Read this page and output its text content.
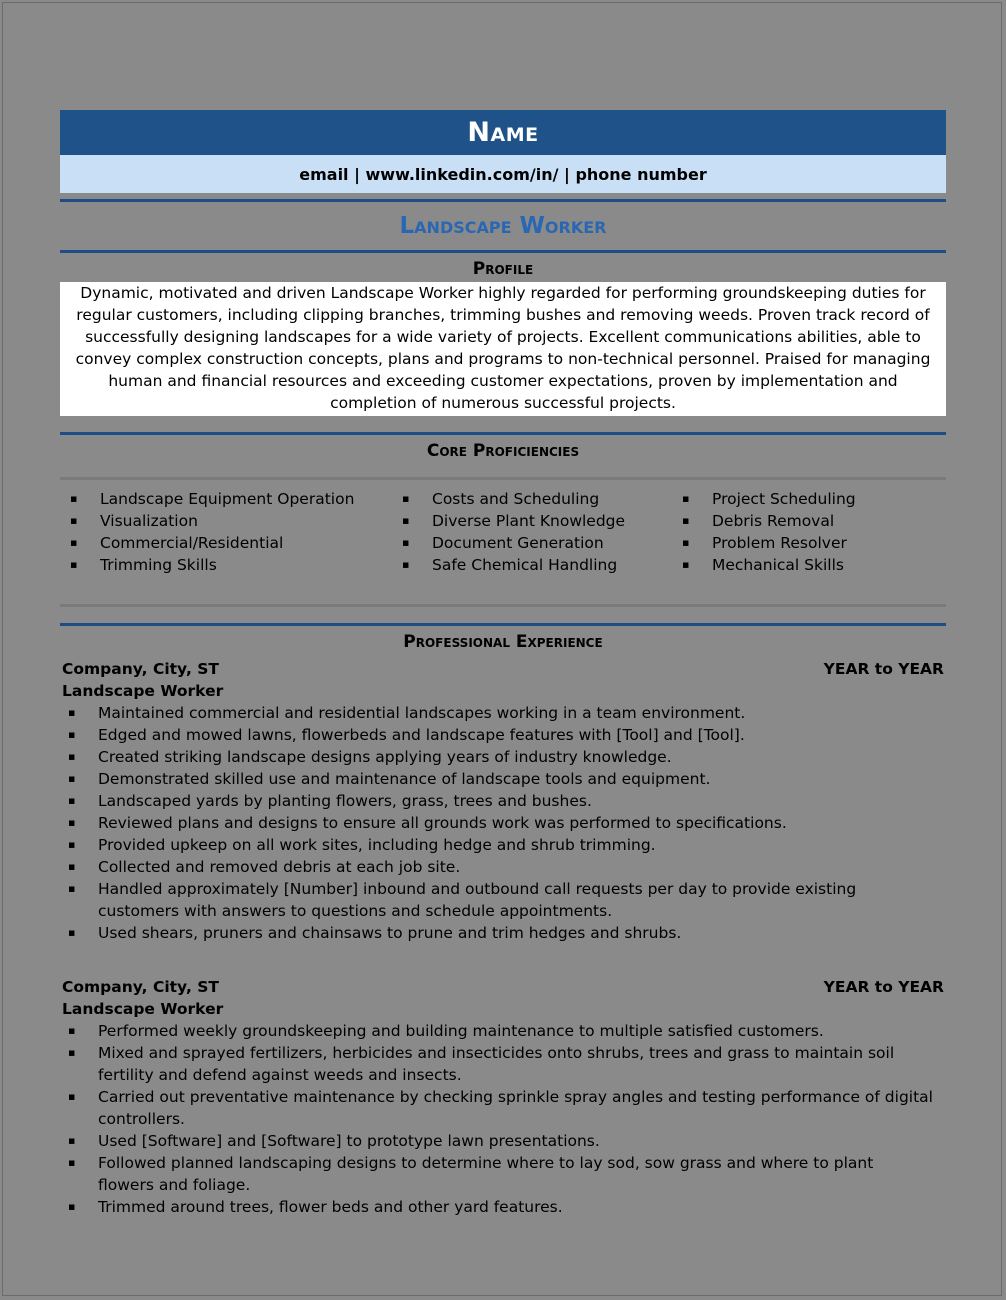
Name
email | www.linkedin.com/in/ | phone number
Landscape Worker
Profile
Dynamic, motivated and driven Landscape Worker highly regarded for performing groundskeeping duties for regular customers, including clipping branches, trimming bushes and removing weeds. Proven track record of successfully designing landscapes for a wide variety of projects. Excellent communications abilities, able to convey complex construction concepts, plans and programs to non-technical personnel. Praised for managing human and financial resources and exceeding customer expectations, proven by implementation and completion of numerous successful projects.
Core Proficiencies
▪ Landscape Equipment Operation
▪ Visualization
▪ Commercial/Residential
▪ Trimming Skills
▪ Costs and Scheduling
▪ Diverse Plant Knowledge
▪ Document Generation
▪ Safe Chemical Handling
▪ Project Scheduling
▪ Debris Removal
▪ Problem Resolver
▪ Mechanical Skills
Professional Experience
Company, City, ST	YEAR to YEAR
Landscape Worker
▪ Maintained commercial and residential landscapes working in a team environment.
▪ Edged and mowed lawns, flowerbeds and landscape features with [Tool] and [Tool].
▪ Created striking landscape designs applying years of industry knowledge.
▪ Demonstrated skilled use and maintenance of landscape tools and equipment.
▪ Landscaped yards by planting flowers, grass, trees and bushes.
▪ Reviewed plans and designs to ensure all grounds work was performed to specifications.
▪ Provided upkeep on all work sites, including hedge and shrub trimming.
▪ Collected and removed debris at each job site.
▪ Handled approximately [Number] inbound and outbound call requests per day to provide existing customers with answers to questions and schedule appointments.
▪ Used shears, pruners and chainsaws to prune and trim hedges and shrubs.
Company, City, ST	YEAR to YEAR
Landscape Worker
▪ Performed weekly groundskeeping and building maintenance to multiple satisfied customers.
▪ Mixed and sprayed fertilizers, herbicides and insecticides onto shrubs, trees and grass to maintain soil fertility and defend against weeds and insects.
▪ Carried out preventative maintenance by checking sprinkle spray angles and testing performance of digital controllers.
▪ Used [Software] and [Software] to prototype lawn presentations.
▪ Followed planned landscaping designs to determine where to lay sod, sow grass and where to plant flowers and foliage.
▪ Trimmed around trees, flower beds and other yard features.
